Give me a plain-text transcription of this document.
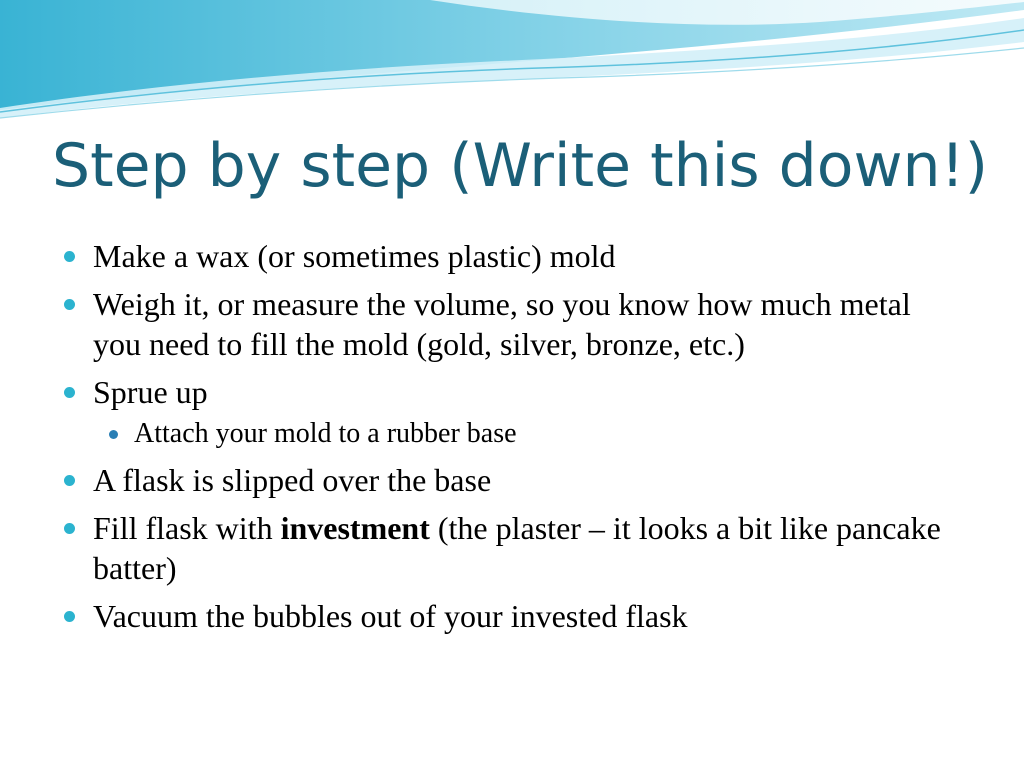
Step by step (Write this down!)
Make a wax (or sometimes plastic) mold
Weigh it, or measure the volume, so you know how much metal you need to fill the mold (gold, silver, bronze, etc.)
Sprue up
Attach your mold to a rubber base
A flask is slipped over the base
Fill flask with investment (the plaster – it looks a bit like pancake batter)
Vacuum the bubbles out of your invested flask
